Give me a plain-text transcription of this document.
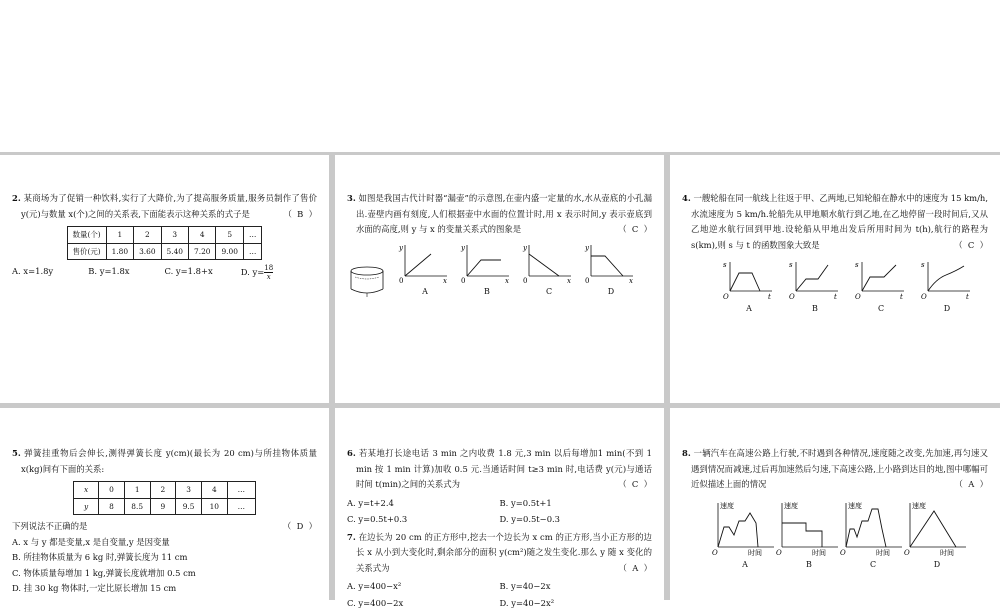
2. 某商场为了促销一种饮料,实行了大降价,为了提高服务质量,服务员制作了售价 y(元)与数量 x(个)之间的关系表,下面能表示这种关系的式子是	（  B  ）
数量(个)	1	2	3	4	5	…
售价(元)	1.80	3.60	5.40	7.20	9.00	…
A. x=1.8y	B. y=1.8x	C. y=1.8+x	D. $y= \frac{18}{x}$
3. 如图是我国古代计时器“漏壶”的示意图,在壶内盛一定量的水,水从壶底的小孔漏出.壶壁内画有刻度,人们根据壶中水面的位置计时,用 x 表示时间,y 表示壶底到水面的高度,则 y 与 x 的变量关系式的图象是	（  C  ）
y
x
0
A
y
x
0
B
y
x
0
C
y
x
0
D
4. 一艘轮船在同一航线上往返于甲、乙两地,已知轮船在静水中的速度为 15 km/h,水流速度为 5 km/h.轮船先从甲地顺水航行到乙地,在乙地停留一段时间后,又从乙地逆水航行回到甲地.设轮船从甲地出发后所用时间为 t(h),航行的路程为 s(km),则 s 与 t 的函数图象大致是	（  C  ）
s
t
O
A
s
t
O
B
s
t
O
C
s
t
O
D
5. 弹簧挂重物后会伸长,测得弹簧长度 y(cm)(最长为 20 cm)与所挂物体质量 x(kg)间有下面的关系:
x	0	1	2	3	4	…
y	8	8.5	9	9.5	10	…
下列说法不正确的是	（  D  ）
A. x 与 y 都是变量,x 是自变量,y 是因变量
B. 所挂物体质量为 6 kg 时,弹簧长度为 11 cm
C. 物体质量每增加 1 kg,弹簧长度就增加 0.5 cm
D. 挂 30 kg 物体时,一定比原长增加 15 cm
6. 若某地打长途电话 3 min 之内收费 1.8 元,3 min 以后每增加1 min(不到 1 min 按 1 min 计算)加收 0.5 元.当通话时间 t≥3 min 时,电话费 y(元)与通话时间 t(min)之间的关系式为	（  C  ）
A. y=t+2.4	B. y=0.5t+1
C. y=0.5t+0.3	D. y=0.5t−0.3
7. 在边长为 20 cm 的正方形中,挖去一个边长为 x cm 的正方形,当小正方形的边长 x 从小到大变化时,剩余部分的面积 y(cm²)随之发生变化.那么 y 随 x 变化的关系式为	（  A  ）
A. y=400−x²	B. y=40−2x
C. y=400−2x	D. y=40−2x²
8. 一辆汽车在高速公路上行驶,不时遇到各种情况,速度随之改变,先加速,再匀速又遇到情况而减速,过后再加速然后匀速,下高速公路,上小路到达目的地,图中哪幅可近似描述上面的情况	（  A  ）
速度
时间
O
A
速度
时间
O
B
速度
时间
O
C
速度
时间
O
D
